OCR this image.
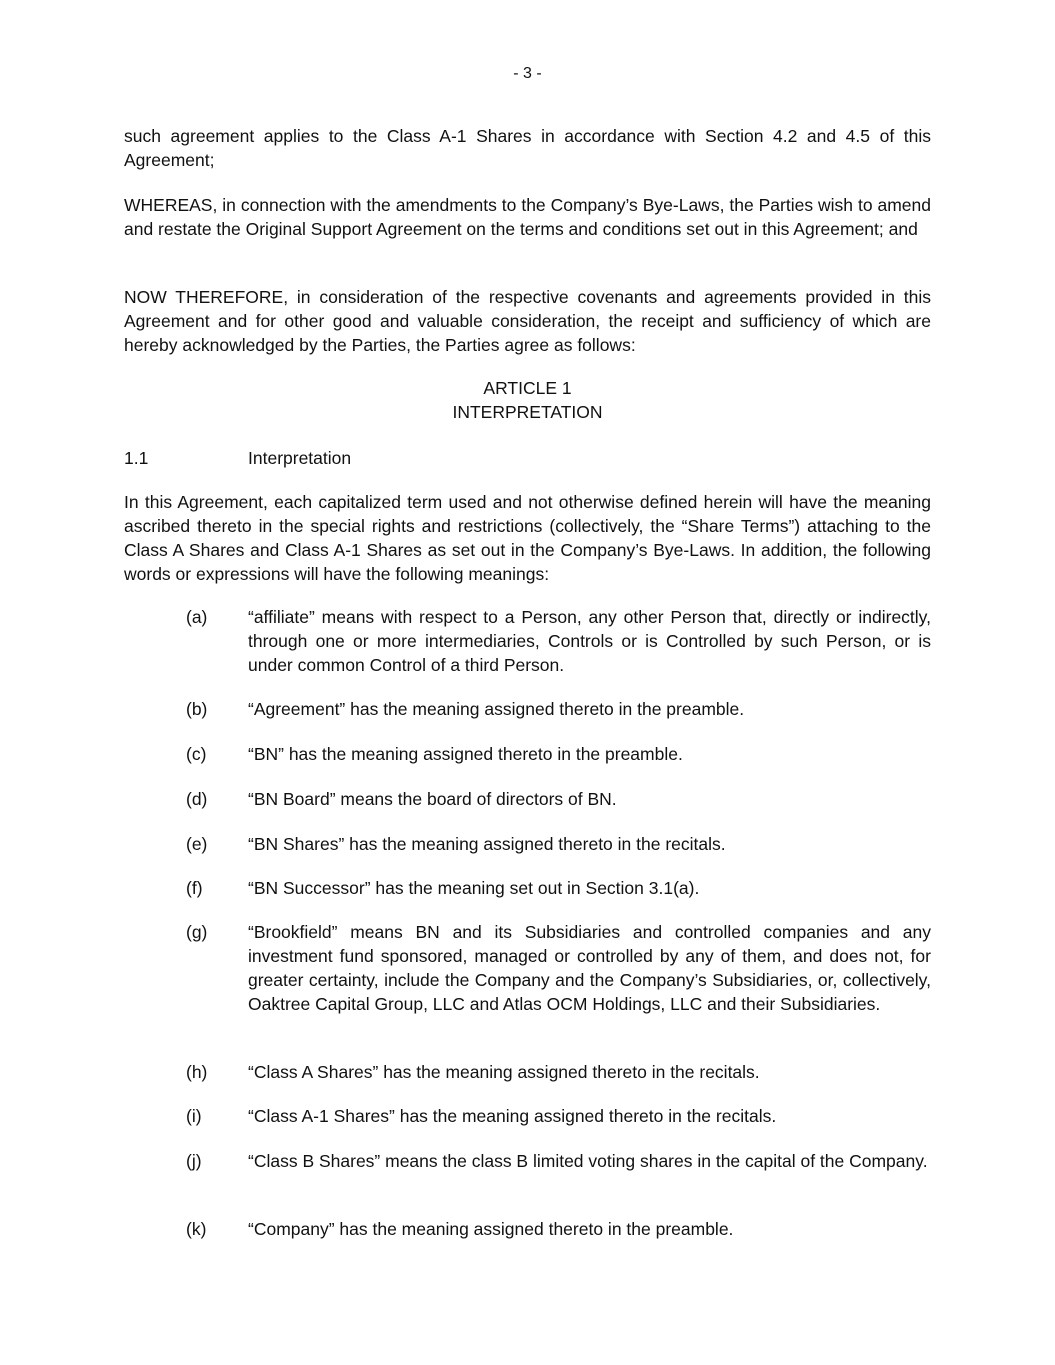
- 3 -

such agreement applies to the Class A-1 Shares in accordance with Section 4.2 and 4.5 of this Agreement;

WHEREAS, in connection with the amendments to the Company’s Bye-Laws, the Parties wish to amend and restate the Original Support Agreement on the terms and conditions set out in this Agreement; and

NOW THEREFORE, in consideration of the respective covenants and agreements provided in this Agreement and for other good and valuable consideration, the receipt and sufficiency of which are hereby acknowledged by the Parties, the Parties agree as follows:

ARTICLE 1

INTERPRETATION

1.1	Interpretation

In this Agreement, each capitalized term used and not otherwise defined herein will have the meaning ascribed thereto in the special rights and restrictions (collectively, the “Share Terms”) attaching to the Class A Shares and Class A-1 Shares as set out in the Company’s Bye-Laws. In addition, the following words or expressions will have the following meanings:

(a)	“affiliate” means with respect to a Person, any other Person that, directly or indirectly, through one or more intermediaries, Controls or is Controlled by such Person, or is under common Control of a third Person.
(b)	“Agreement” has the meaning assigned thereto in the preamble.
(c)	“BN” has the meaning assigned thereto in the preamble.
(d)	“BN Board” means the board of directors of BN.
(e)	“BN Shares” has the meaning assigned thereto in the recitals.
(f)	“BN Successor” has the meaning set out in Section 3.1(a).
(g)	“Brookfield” means BN and its Subsidiaries and controlled companies and any investment fund sponsored, managed or controlled by any of them, and does not, for greater certainty, include the Company and the Company’s Subsidiaries, or, collectively, Oaktree Capital Group, LLC and Atlas OCM Holdings, LLC and their Subsidiaries.
(h)	“Class A Shares” has the meaning assigned thereto in the recitals.
(i)	“Class A-1 Shares” has the meaning assigned thereto in the recitals.
(j)	“Class B Shares” means the class B limited voting shares in the capital of the Company.
(k)	“Company” has the meaning assigned thereto in the preamble.
